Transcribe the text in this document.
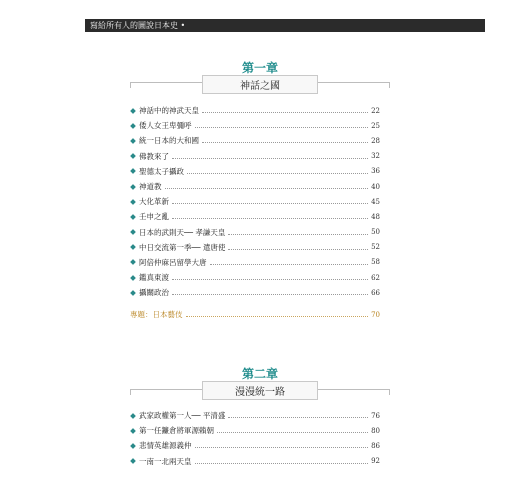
寫給所有人的圖說日本史 •
第一章
神話之國
神話中的神武天皇	22
倭人女王卑彌呼	25
統一日本的大和國	28
佛教來了	32
聖德太子攝政	36
神道教	40
大化革新	45
壬申之亂	48
日本的武則天── 孝謙天皇	50
中日交流第一季── 遣唐使	52
阿倍仲麻呂留學大唐	58
鑑真東渡	62
攝關政治	66
專題：日本藝伎	70
第二章
漫漫統一路
武家政權第一人── 平清盛	76
第一任鐮倉將軍源賴朝	80
悲情英雄源義仲	86
一南一北兩天皇	92
